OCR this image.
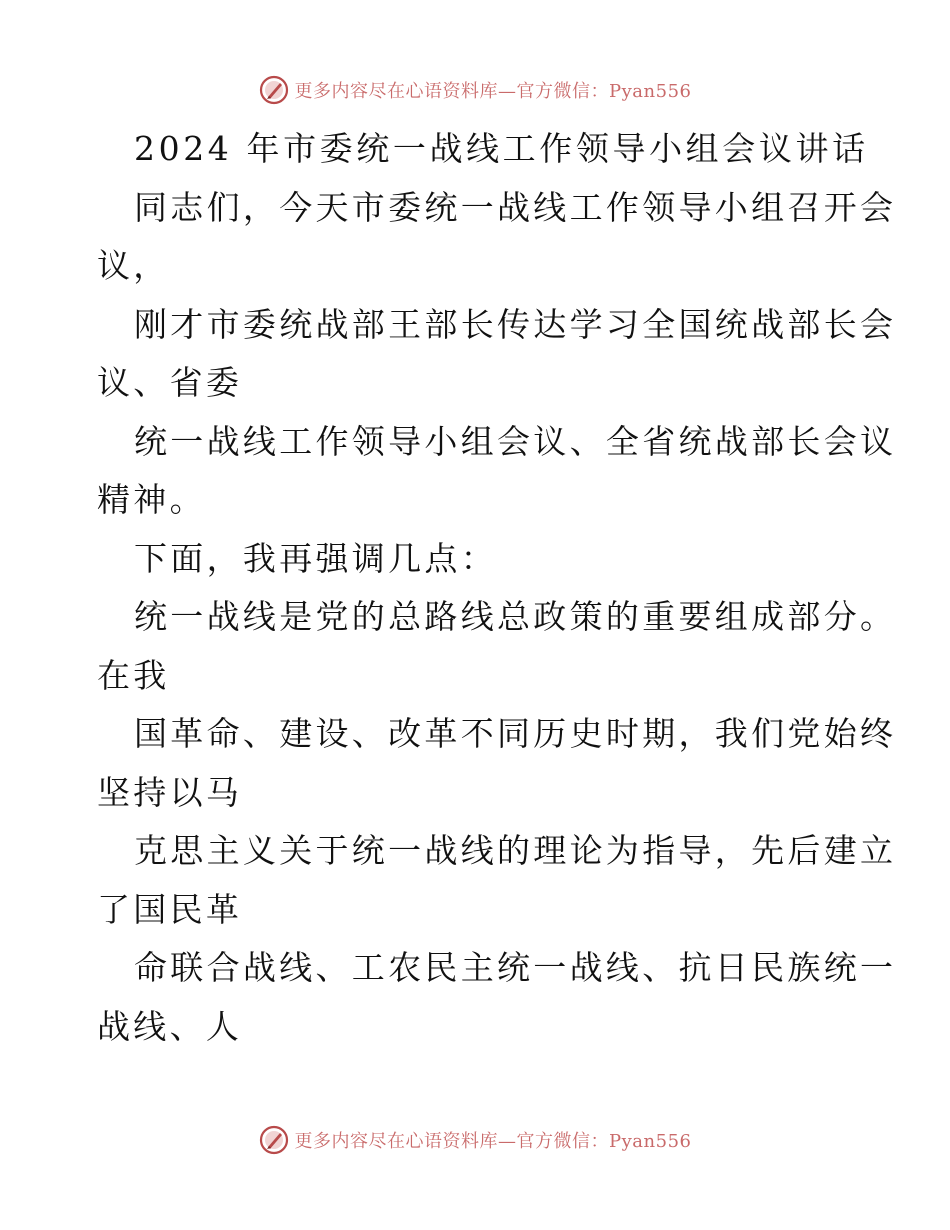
更多内容尽在心语资料库—官方微信：Pyan556
2024 年市委统一战线工作领导小组会议讲话
同志们，今天市委统一战线工作领导小组召开会
议，
刚才市委统战部王部长传达学习全国统战部长会
议、省委
统一战线工作领导小组会议、全省统战部长会议
精神。
下面，我再强调几点：
统一战线是党的总路线总政策的重要组成部分。
在我
国革命、建设、改革不同历史时期，我们党始终
坚持以马
克思主义关于统一战线的理论为指导，先后建立
了国民革
命联合战线、工农民主统一战线、抗日民族统一
战线、人
更多内容尽在心语资料库—官方微信：Pyan556
